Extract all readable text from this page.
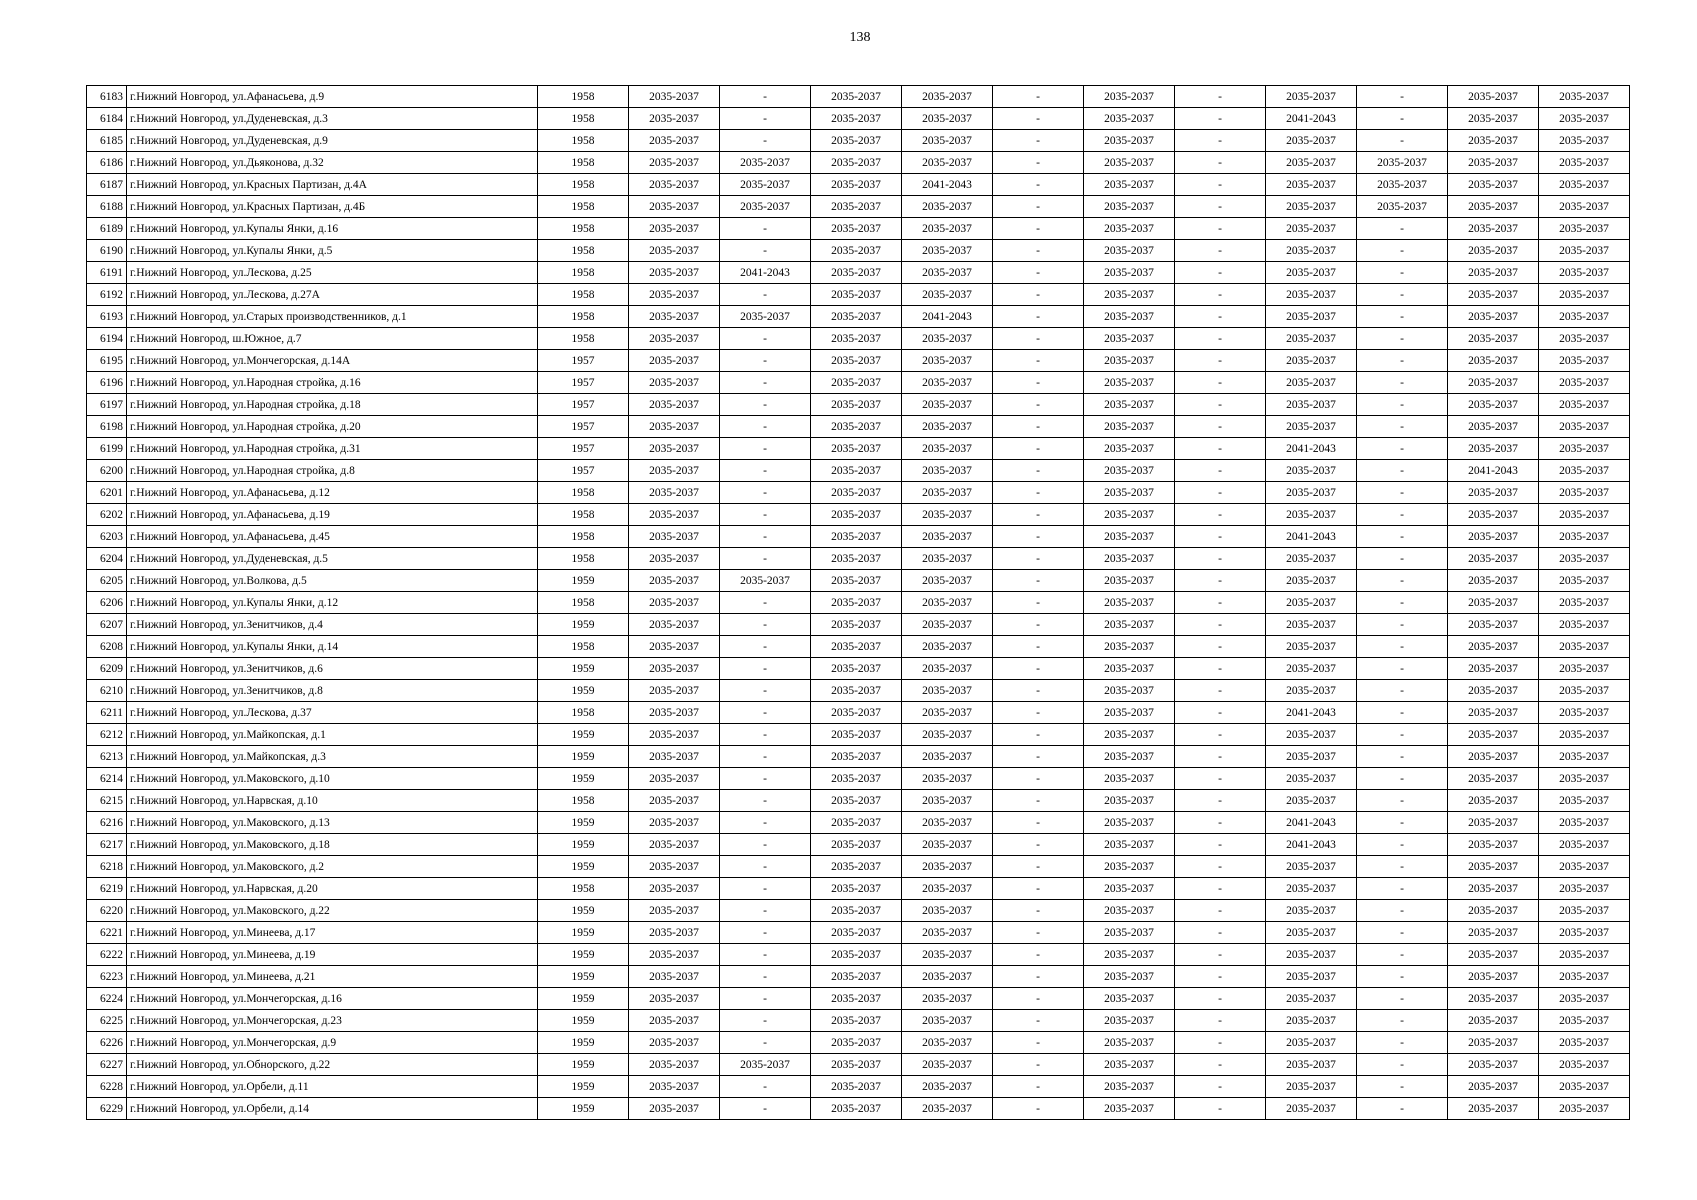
138
6183	г.Нижний Новгород, ул.Афанасьева, д.9	1958	2035-2037	-	2035-2037	2035-2037	-	2035-2037	-	2035-2037	-	2035-2037	2035-2037
6184	г.Нижний Новгород, ул.Дуденевская, д.3	1958	2035-2037	-	2035-2037	2035-2037	-	2035-2037	-	2041-2043	-	2035-2037	2035-2037
6185	г.Нижний Новгород, ул.Дуденевская, д.9	1958	2035-2037	-	2035-2037	2035-2037	-	2035-2037	-	2035-2037	-	2035-2037	2035-2037
6186	г.Нижний Новгород, ул.Дьяконова, д.32	1958	2035-2037	2035-2037	2035-2037	2035-2037	-	2035-2037	-	2035-2037	2035-2037	2035-2037	2035-2037
6187	г.Нижний Новгород, ул.Красных Партизан, д.4А	1958	2035-2037	2035-2037	2035-2037	2041-2043	-	2035-2037	-	2035-2037	2035-2037	2035-2037	2035-2037
6188	г.Нижний Новгород, ул.Красных Партизан, д.4Б	1958	2035-2037	2035-2037	2035-2037	2035-2037	-	2035-2037	-	2035-2037	2035-2037	2035-2037	2035-2037
6189	г.Нижний Новгород, ул.Купалы Янки, д.16	1958	2035-2037	-	2035-2037	2035-2037	-	2035-2037	-	2035-2037	-	2035-2037	2035-2037
6190	г.Нижний Новгород, ул.Купалы Янки, д.5	1958	2035-2037	-	2035-2037	2035-2037	-	2035-2037	-	2035-2037	-	2035-2037	2035-2037
6191	г.Нижний Новгород, ул.Лескова, д.25	1958	2035-2037	2041-2043	2035-2037	2035-2037	-	2035-2037	-	2035-2037	-	2035-2037	2035-2037
6192	г.Нижний Новгород, ул.Лескова, д.27А	1958	2035-2037	-	2035-2037	2035-2037	-	2035-2037	-	2035-2037	-	2035-2037	2035-2037
6193	г.Нижний Новгород, ул.Старых производственников, д.1	1958	2035-2037	2035-2037	2035-2037	2041-2043	-	2035-2037	-	2035-2037	-	2035-2037	2035-2037
6194	г.Нижний Новгород, ш.Южное, д.7	1958	2035-2037	-	2035-2037	2035-2037	-	2035-2037	-	2035-2037	-	2035-2037	2035-2037
6195	г.Нижний Новгород, ул.Мончегорская, д.14А	1957	2035-2037	-	2035-2037	2035-2037	-	2035-2037	-	2035-2037	-	2035-2037	2035-2037
6196	г.Нижний Новгород, ул.Народная стройка, д.16	1957	2035-2037	-	2035-2037	2035-2037	-	2035-2037	-	2035-2037	-	2035-2037	2035-2037
6197	г.Нижний Новгород, ул.Народная стройка, д.18	1957	2035-2037	-	2035-2037	2035-2037	-	2035-2037	-	2035-2037	-	2035-2037	2035-2037
6198	г.Нижний Новгород, ул.Народная стройка, д.20	1957	2035-2037	-	2035-2037	2035-2037	-	2035-2037	-	2035-2037	-	2035-2037	2035-2037
6199	г.Нижний Новгород, ул.Народная стройка, д.31	1957	2035-2037	-	2035-2037	2035-2037	-	2035-2037	-	2041-2043	-	2035-2037	2035-2037
6200	г.Нижний Новгород, ул.Народная стройка, д.8	1957	2035-2037	-	2035-2037	2035-2037	-	2035-2037	-	2035-2037	-	2041-2043	2035-2037
6201	г.Нижний Новгород, ул.Афанасьева, д.12	1958	2035-2037	-	2035-2037	2035-2037	-	2035-2037	-	2035-2037	-	2035-2037	2035-2037
6202	г.Нижний Новгород, ул.Афанасьева, д.19	1958	2035-2037	-	2035-2037	2035-2037	-	2035-2037	-	2035-2037	-	2035-2037	2035-2037
6203	г.Нижний Новгород, ул.Афанасьева, д.45	1958	2035-2037	-	2035-2037	2035-2037	-	2035-2037	-	2041-2043	-	2035-2037	2035-2037
6204	г.Нижний Новгород, ул.Дуденевская, д.5	1958	2035-2037	-	2035-2037	2035-2037	-	2035-2037	-	2035-2037	-	2035-2037	2035-2037
6205	г.Нижний Новгород, ул.Волкова, д.5	1959	2035-2037	2035-2037	2035-2037	2035-2037	-	2035-2037	-	2035-2037	-	2035-2037	2035-2037
6206	г.Нижний Новгород, ул.Купалы Янки, д.12	1958	2035-2037	-	2035-2037	2035-2037	-	2035-2037	-	2035-2037	-	2035-2037	2035-2037
6207	г.Нижний Новгород, ул.Зенитчиков, д.4	1959	2035-2037	-	2035-2037	2035-2037	-	2035-2037	-	2035-2037	-	2035-2037	2035-2037
6208	г.Нижний Новгород, ул.Купалы Янки, д.14	1958	2035-2037	-	2035-2037	2035-2037	-	2035-2037	-	2035-2037	-	2035-2037	2035-2037
6209	г.Нижний Новгород, ул.Зенитчиков, д.6	1959	2035-2037	-	2035-2037	2035-2037	-	2035-2037	-	2035-2037	-	2035-2037	2035-2037
6210	г.Нижний Новгород, ул.Зенитчиков, д.8	1959	2035-2037	-	2035-2037	2035-2037	-	2035-2037	-	2035-2037	-	2035-2037	2035-2037
6211	г.Нижний Новгород, ул.Лескова, д.37	1958	2035-2037	-	2035-2037	2035-2037	-	2035-2037	-	2041-2043	-	2035-2037	2035-2037
6212	г.Нижний Новгород, ул.Майкопская, д.1	1959	2035-2037	-	2035-2037	2035-2037	-	2035-2037	-	2035-2037	-	2035-2037	2035-2037
6213	г.Нижний Новгород, ул.Майкопская, д.3	1959	2035-2037	-	2035-2037	2035-2037	-	2035-2037	-	2035-2037	-	2035-2037	2035-2037
6214	г.Нижний Новгород, ул.Маковского, д.10	1959	2035-2037	-	2035-2037	2035-2037	-	2035-2037	-	2035-2037	-	2035-2037	2035-2037
6215	г.Нижний Новгород, ул.Нарвская, д.10	1958	2035-2037	-	2035-2037	2035-2037	-	2035-2037	-	2035-2037	-	2035-2037	2035-2037
6216	г.Нижний Новгород, ул.Маковского, д.13	1959	2035-2037	-	2035-2037	2035-2037	-	2035-2037	-	2041-2043	-	2035-2037	2035-2037
6217	г.Нижний Новгород, ул.Маковского, д.18	1959	2035-2037	-	2035-2037	2035-2037	-	2035-2037	-	2041-2043	-	2035-2037	2035-2037
6218	г.Нижний Новгород, ул.Маковского, д.2	1959	2035-2037	-	2035-2037	2035-2037	-	2035-2037	-	2035-2037	-	2035-2037	2035-2037
6219	г.Нижний Новгород, ул.Нарвская, д.20	1958	2035-2037	-	2035-2037	2035-2037	-	2035-2037	-	2035-2037	-	2035-2037	2035-2037
6220	г.Нижний Новгород, ул.Маковского, д.22	1959	2035-2037	-	2035-2037	2035-2037	-	2035-2037	-	2035-2037	-	2035-2037	2035-2037
6221	г.Нижний Новгород, ул.Минеева, д.17	1959	2035-2037	-	2035-2037	2035-2037	-	2035-2037	-	2035-2037	-	2035-2037	2035-2037
6222	г.Нижний Новгород, ул.Минеева, д.19	1959	2035-2037	-	2035-2037	2035-2037	-	2035-2037	-	2035-2037	-	2035-2037	2035-2037
6223	г.Нижний Новгород, ул.Минеева, д.21	1959	2035-2037	-	2035-2037	2035-2037	-	2035-2037	-	2035-2037	-	2035-2037	2035-2037
6224	г.Нижний Новгород, ул.Мончегорская, д.16	1959	2035-2037	-	2035-2037	2035-2037	-	2035-2037	-	2035-2037	-	2035-2037	2035-2037
6225	г.Нижний Новгород, ул.Мончегорская, д.23	1959	2035-2037	-	2035-2037	2035-2037	-	2035-2037	-	2035-2037	-	2035-2037	2035-2037
6226	г.Нижний Новгород, ул.Мончегорская, д.9	1959	2035-2037	-	2035-2037	2035-2037	-	2035-2037	-	2035-2037	-	2035-2037	2035-2037
6227	г.Нижний Новгород, ул.Обнорского, д.22	1959	2035-2037	2035-2037	2035-2037	2035-2037	-	2035-2037	-	2035-2037	-	2035-2037	2035-2037
6228	г.Нижний Новгород, ул.Орбели, д.11	1959	2035-2037	-	2035-2037	2035-2037	-	2035-2037	-	2035-2037	-	2035-2037	2035-2037
6229	г.Нижний Новгород, ул.Орбели, д.14	1959	2035-2037	-	2035-2037	2035-2037	-	2035-2037	-	2035-2037	-	2035-2037	2035-2037
